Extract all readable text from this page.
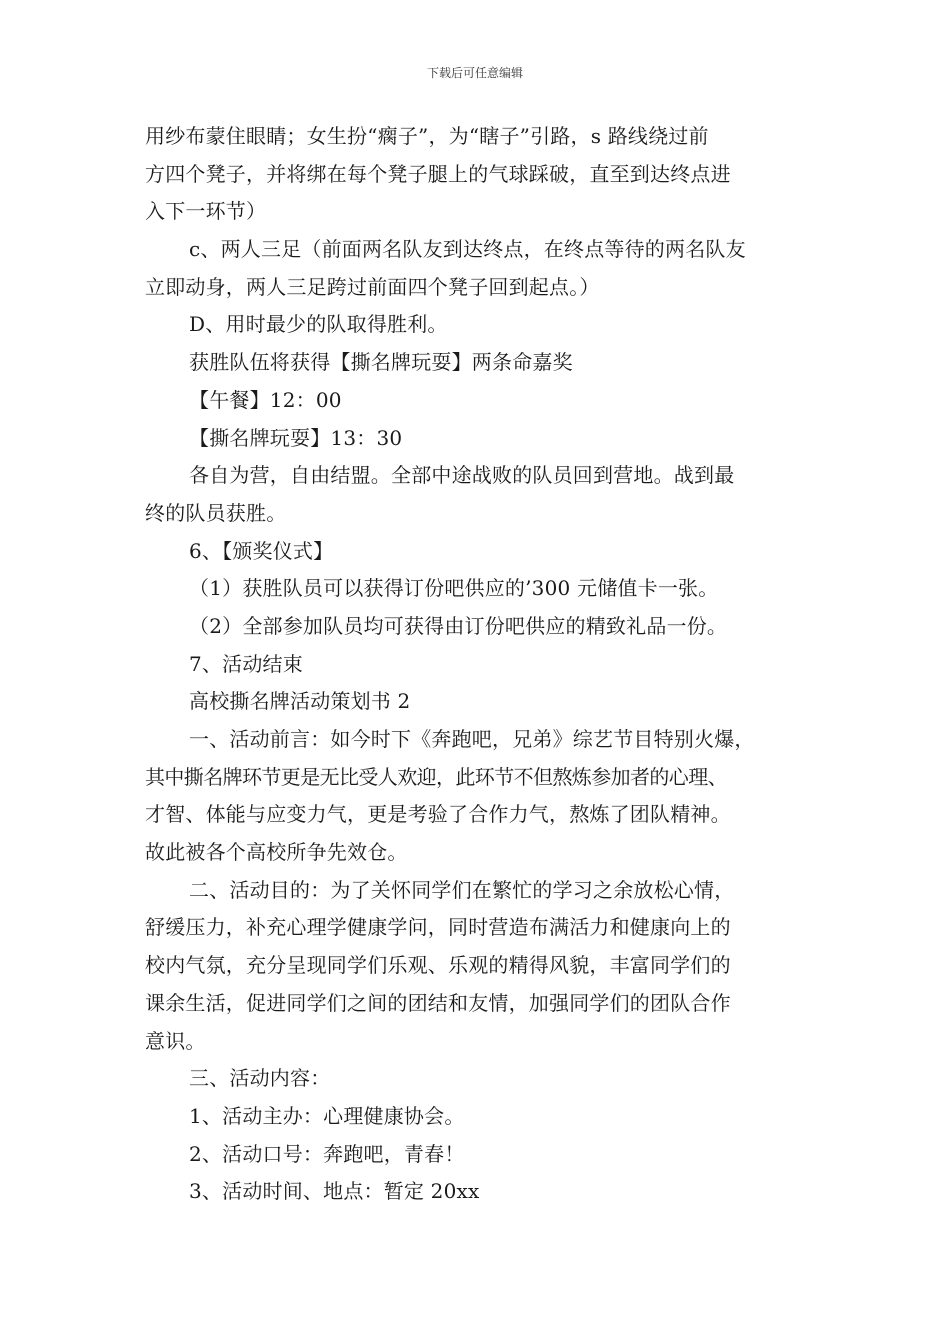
下载后可任意编辑
用纱布蒙住眼睛；女生扮“瘸子”，为“瞎子”引路，s 路线绕过前
方四个凳子，并将绑在每个凳子腿上的气球踩破，直至到达终点进
入下一环节）
c、两人三足（前面两名队友到达终点，在终点等待的两名队友
立即动身，两人三足跨过前面四个凳子回到起点。）
D、用时最少的队取得胜利。
获胜队伍将获得【撕名牌玩耍】两条命嘉奖
【午餐】12：00
【撕名牌玩耍】13：30
各自为营，自由结盟。全部中途战败的队员回到营地。战到最
终的队员获胜。
6、【颁奖仪式】
（1）获胜队员可以获得订份吧供应的’300 元储值卡一张。
（2）全部参加队员均可获得由订份吧供应的精致礼品一份。
7、活动结束
高校撕名牌活动策划书 2
一、活动前言：如今时下《奔跑吧，兄弟》综艺节目特别火爆，
其中撕名牌环节更是无比受人欢迎，此环节不但熬炼参加者的心理、
才智、体能与应变力气，更是考验了合作力气，熬炼了团队精神。
故此被各个高校所争先效仓。
二、活动目的：为了关怀同学们在繁忙的学习之余放松心情，
舒缓压力，补充心理学健康学问，同时营造布满活力和健康向上的
校内气氛，充分呈现同学们乐观、乐观的精得风貌，丰富同学们的
课余生活，促进同学们之间的团结和友情，加强同学们的团队合作
意识。
三、活动内容：
1、活动主办：心理健康协会。
2、活动口号：奔跑吧，青春！
3、活动时间、地点：暂定 20xx
